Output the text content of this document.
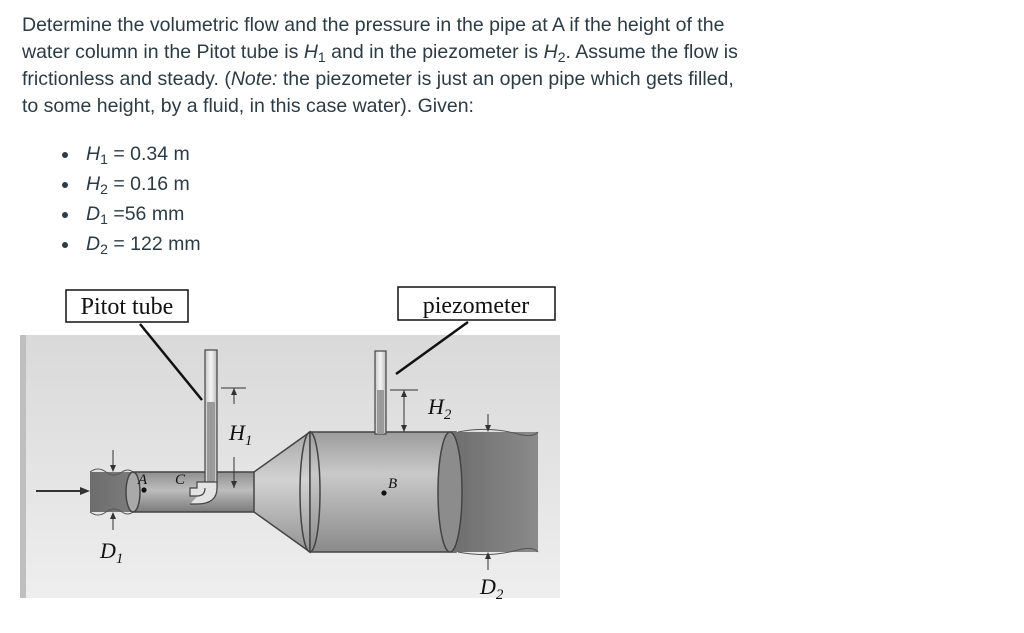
Determine the volumetric flow and the pressure in the pipe at A if the height of the

water column in the Pitot tube is $H_1$ and in the piezometer is $H_2$. Assume the flow is

frictionless and steady. (Note: the piezometer is just an open pipe which gets filled,

to some height, by a fluid, in this case water). Given:

$H_1 = 0.34$ m
$H_2 = 0.16$ m
$D_1 =56$ mm
$D_2 = 122$ mm
$H_1$
$H_2$
$D_1$
$D_2$
A C	B
Pitot tube	piezometer
